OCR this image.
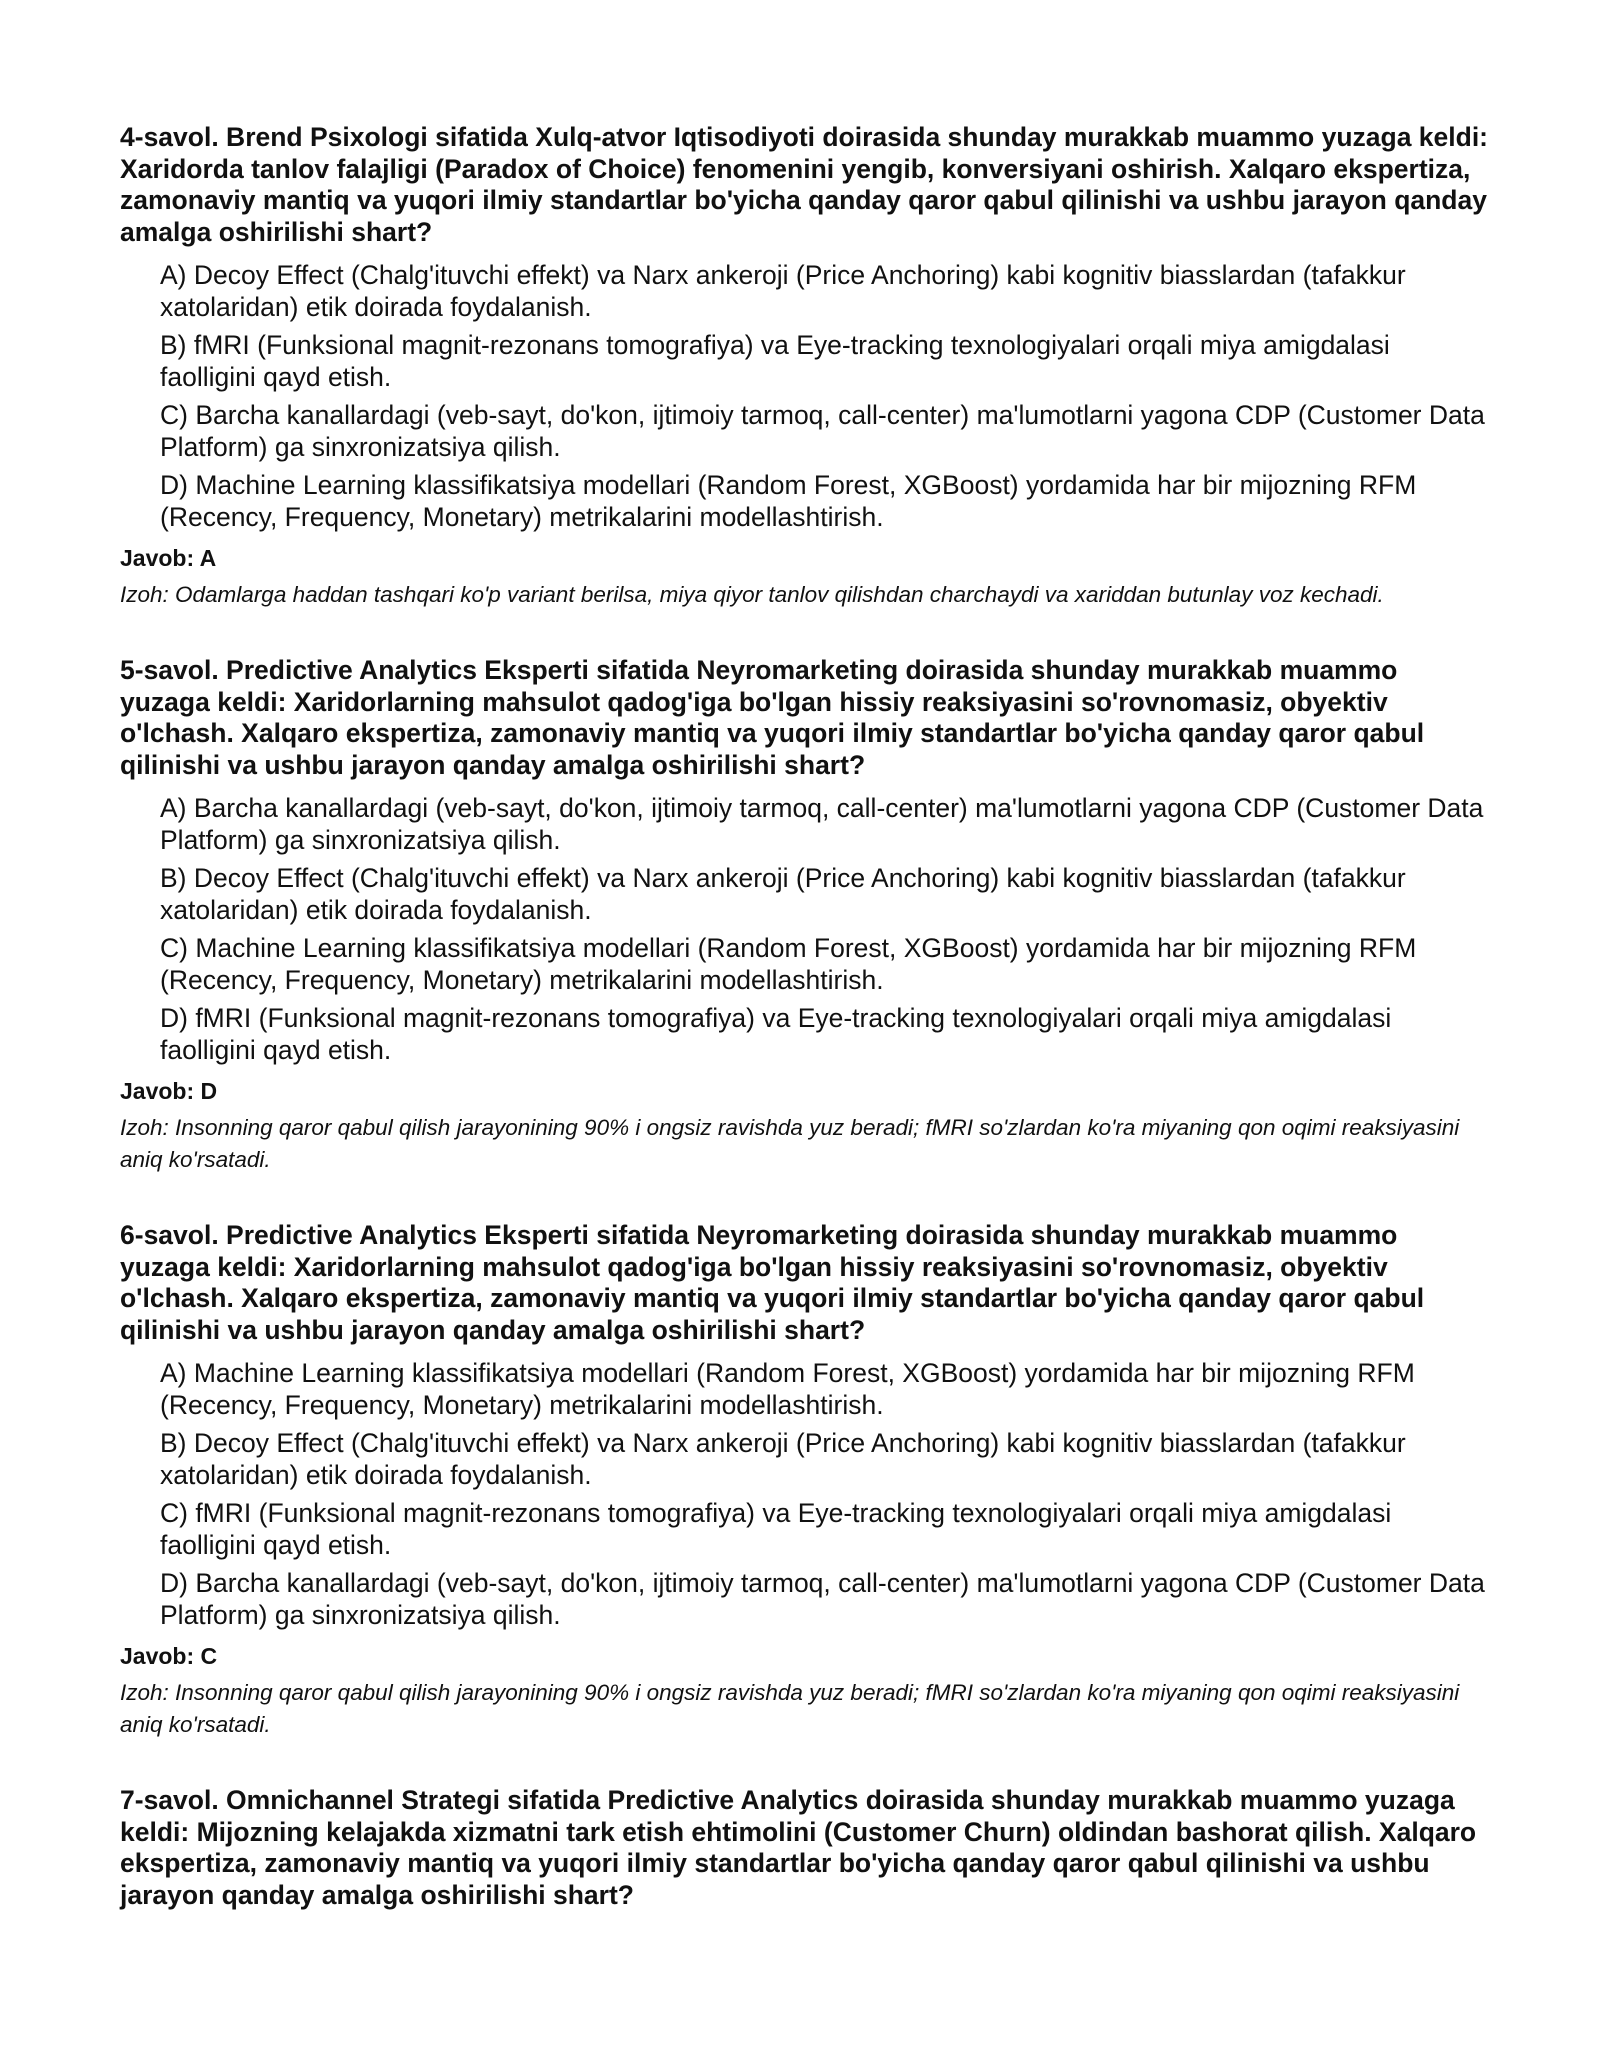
4-savol. Brend Psixologi sifatida Xulq-atvor Iqtisodiyoti doirasida shunday murakkab muammo yuzaga keldi: Xaridorda tanlov falajligi (Paradox of Choice) fenomenini yengib, konversiyani oshirish. Xalqaro ekspertiza, zamonaviy mantiq va yuqori ilmiy standartlar bo'yicha qanday qaror qabul qilinishi va ushbu jarayon qanday amalga oshirilishi shart?

A) Decoy Effect (Chalg'ituvchi effekt) va Narx ankeroji (Price Anchoring) kabi kognitiv biasslardan (tafakkur xatolaridan) etik doirada foydalanish.

B) fMRI (Funksional magnit-rezonans tomografiya) va Eye-tracking texnologiyalari orqali miya amigdalasi faolligini qayd etish.

C) Barcha kanallardagi (veb-sayt, do'kon, ijtimoiy tarmoq, call-center) ma'lumotlarni yagona CDP (Customer Data Platform) ga sinxronizatsiya qilish.

D) Machine Learning klassifikatsiya modellari (Random Forest, XGBoost) yordamida har bir mijozning RFM (Recency, Frequency, Monetary) metrikalarini modellashtirish.

Javob: A

Izoh: Odamlarga haddan tashqari ko'p variant berilsa, miya qiyor tanlov qilishdan charchaydi va xariddan butunlay voz kechadi.

5-savol. Predictive Analytics Eksperti sifatida Neyromarketing doirasida shunday murakkab muammo yuzaga keldi: Xaridorlarning mahsulot qadog'iga bo'lgan hissiy reaksiyasini so'rovnomasiz, obyektiv o'lchash. Xalqaro ekspertiza, zamonaviy mantiq va yuqori ilmiy standartlar bo'yicha qanday qaror qabul qilinishi va ushbu jarayon qanday amalga oshirilishi shart?

A) Barcha kanallardagi (veb-sayt, do'kon, ijtimoiy tarmoq, call-center) ma'lumotlarni yagona CDP (Customer Data Platform) ga sinxronizatsiya qilish.

B) Decoy Effect (Chalg'ituvchi effekt) va Narx ankeroji (Price Anchoring) kabi kognitiv biasslardan (tafakkur xatolaridan) etik doirada foydalanish.

C) Machine Learning klassifikatsiya modellari (Random Forest, XGBoost) yordamida har bir mijozning RFM (Recency, Frequency, Monetary) metrikalarini modellashtirish.

D) fMRI (Funksional magnit-rezonans tomografiya) va Eye-tracking texnologiyalari orqali miya amigdalasi faolligini qayd etish.

Javob: D

Izoh: Insonning qaror qabul qilish jarayonining 90% i ongsiz ravishda yuz beradi; fMRI so'zlardan ko'ra miyaning qon oqimi reaksiyasini aniq ko'rsatadi.

6-savol. Predictive Analytics Eksperti sifatida Neyromarketing doirasida shunday murakkab muammo yuzaga keldi: Xaridorlarning mahsulot qadog'iga bo'lgan hissiy reaksiyasini so'rovnomasiz, obyektiv o'lchash. Xalqaro ekspertiza, zamonaviy mantiq va yuqori ilmiy standartlar bo'yicha qanday qaror qabul qilinishi va ushbu jarayon qanday amalga oshirilishi shart?

A) Machine Learning klassifikatsiya modellari (Random Forest, XGBoost) yordamida har bir mijozning RFM (Recency, Frequency, Monetary) metrikalarini modellashtirish.

B) Decoy Effect (Chalg'ituvchi effekt) va Narx ankeroji (Price Anchoring) kabi kognitiv biasslardan (tafakkur xatolaridan) etik doirada foydalanish.

C) fMRI (Funksional magnit-rezonans tomografiya) va Eye-tracking texnologiyalari orqali miya amigdalasi faolligini qayd etish.

D) Barcha kanallardagi (veb-sayt, do'kon, ijtimoiy tarmoq, call-center) ma'lumotlarni yagona CDP (Customer Data Platform) ga sinxronizatsiya qilish.

Javob: C

Izoh: Insonning qaror qabul qilish jarayonining 90% i ongsiz ravishda yuz beradi; fMRI so'zlardan ko'ra miyaning qon oqimi reaksiyasini aniq ko'rsatadi.

7-savol. Omnichannel Strategi sifatida Predictive Analytics doirasida shunday murakkab muammo yuzaga keldi: Mijozning kelajakda xizmatni tark etish ehtimolini (Customer Churn) oldindan bashorat qilish. Xalqaro ekspertiza, zamonaviy mantiq va yuqori ilmiy standartlar bo'yicha qanday qaror qabul qilinishi va ushbu jarayon qanday amalga oshirilishi shart?
